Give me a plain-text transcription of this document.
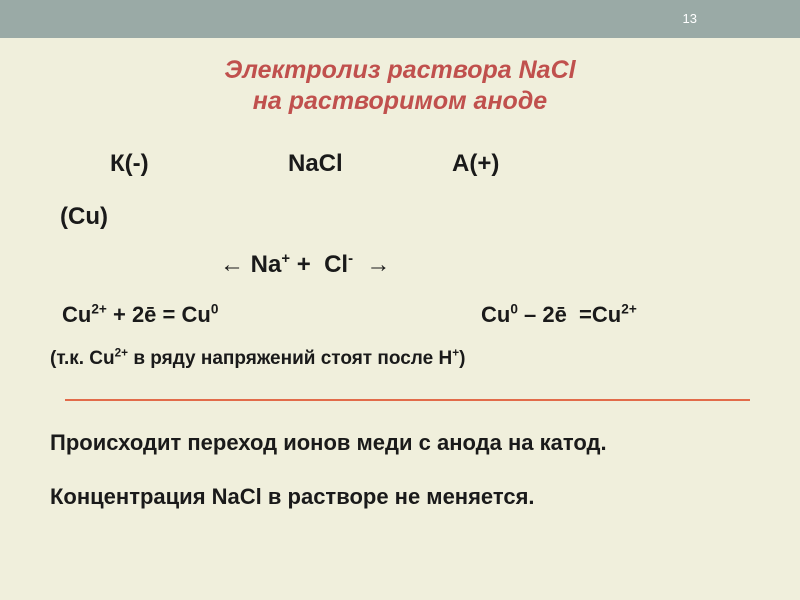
13
Электролиз раствора NaCl
на растворимом аноде
К(-)	NaCl	А(+)
(Cu)
← Na+ + Cl- →
$Cu^{2+}$ + 2ē = $Cu^0$	Cu$^0$ – 2ē  $=Cu^{2+}$
(т.к. $Cu^{2+}$ в ряду напряжений стоят после Н+)
Происходит переход ионов меди с анода на катод.
Концентрация NaCl в растворе не меняется.
